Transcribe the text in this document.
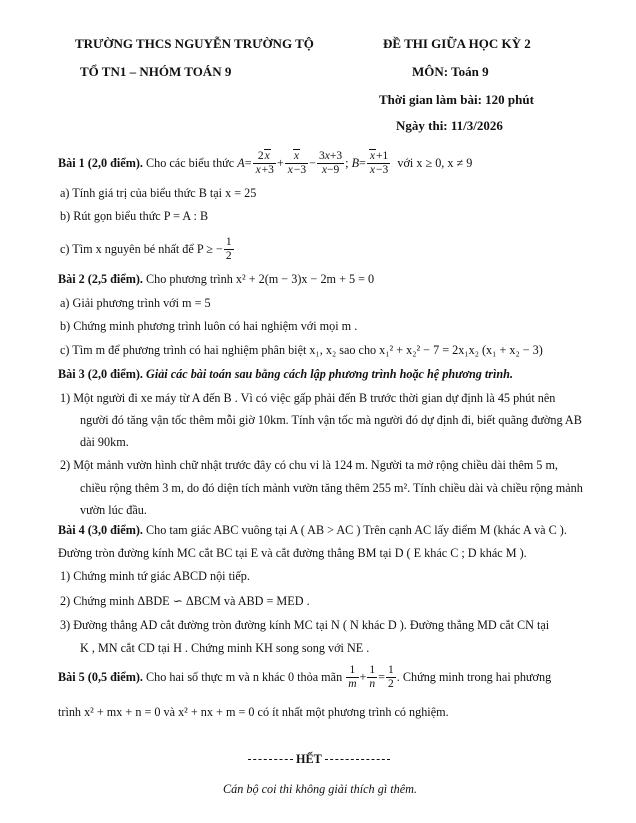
TRƯỜNG THCS NGUYỄN TRƯỜNG TỘ
TỔ TN1 – NHÓM TOÁN 9
ĐỀ THI GIỮA HỌC KỲ 2
MÔN: Toán 9
Thời gian làm bài: 120 phút
Ngày thi: 11/3/2026
Bài 1 (2,0 điểm).
Cho các biểu thức
$A = \frac{2x}{x+3} + \frac{x}{x-3} - \frac{3x+3}{x-9}$ ; $B = \frac{x+1}{x-3}$
với x ≥ 0, x ≠ 9
a) Tính giá trị của biểu thức B tại x = 25
b) Rút gọn biểu thức P = A : B
c) Tìm x nguyên bé nhất để P ≥ − $\frac{1}{2}$
Bài 2 (2,5 điểm). Cho phương trình x² + 2(m − 3)x − 2m + 5 = 0
a) Giải phương trình với m = 5
b) Chứng minh phương trình luôn có hai nghiệm với mọi m .
c) Tìm m để phương trình có hai nghiệm phân biệt x₁, x₂ sao cho x₁² + x₂² − 7 = 2x₁x₂ (x₁ + x₂ − 3)
Bài 3 (2,0 điểm). Giải các bài toán sau bằng cách lập phương trình hoặc hệ phương trình.
1) Một người đi xe máy từ A đến B . Vì có việc gấp phải đến B trước thời gian dự định là 45 phút nên
người đó tăng vận tốc thêm mỗi giờ 10km. Tính vận tốc mà người đó dự định đi, biết quãng đường AB
dài 90km.
2) Một mảnh vườn hình chữ nhật trước đây có chu vi là 124 m. Người ta mở rộng chiều dài thêm 5 m,
chiều rộng thêm 3 m, do đó diện tích mảnh vườn tăng thêm 255 m². Tính chiều dài và chiều rộng mảnh
vườn lúc đầu.
Bài 4 (3,0 điểm). Cho tam giác ABC vuông tại A ( AB > AC ) Trên cạnh AC lấy điểm M (khác A và C ).
Đường tròn đường kính MC cắt BC tại E và cắt đường thẳng BM tại D ( E khác C ; D khác M ).
1) Chứng minh tứ giác ABCD nội tiếp.
2) Chứng minh ΔBDE ∽ ΔBCM và ABD = MED .
3) Đường thẳng AD cắt đường tròn đường kính MC tại N ( N khác D ). Đường thẳng MD cắt CN tại
K , MN cắt CD tại H . Chứng minh KH song song với NE .
Bài 5 (0,5 điểm).
Cho hai số thực m và n khác 0 thỏa mãn
$\frac{1}{m} + \frac{1}{n} = \frac{1}{2}$ . Chứng minh trong hai phương
trình x² + mx + n = 0 và x² + nx + m = 0 có ít nhất một phương trình có nghiệm.
HẾT
Cán bộ coi thi không giải thích gì thêm.
